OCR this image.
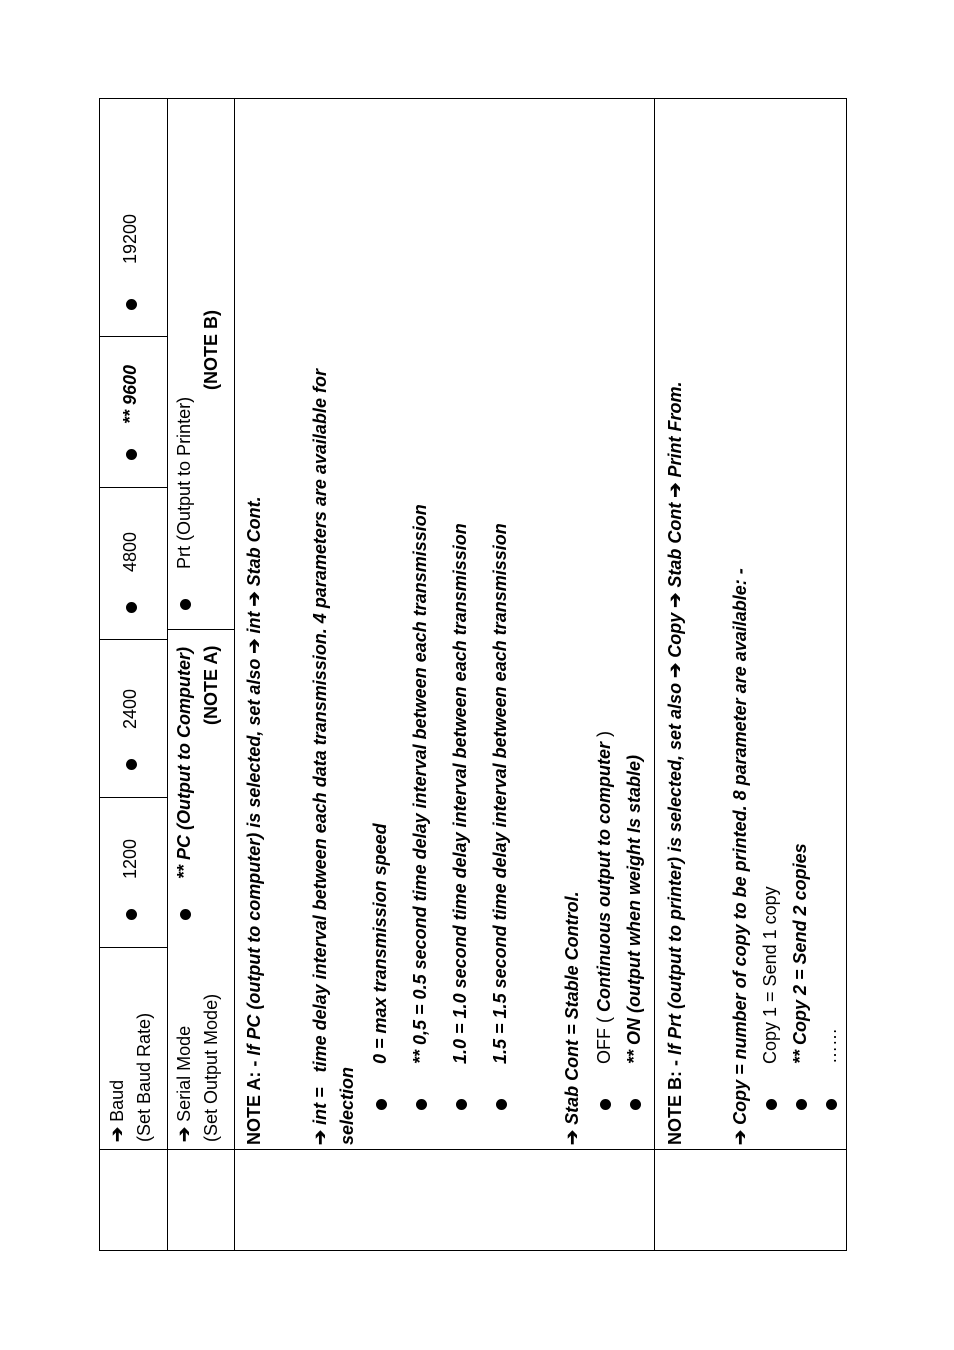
➔ Baud (Set Baud Rate)
1200
2400
4800
** 9600
19200
➔ Serial Mode (Set Output Mode)
** PC (Output to Computer) (NOTE A)
Prt (Output to Printer)
(NOTE B)
NOTE A: - If PC (output to computer) is selected, set also ➔ int ➔ Stab Cont.
➔ int =   time delay interval between each data transmission. 4 parameters are available for
selection
0 = max transmission speed ** 0,5 = 0.5 second time delay interval between each transmission 1.0 = 1.0 second time delay interval between each transmission 1.5 = 1.5 second time delay interval between each transmission
➔ Stab Cont = Stable Control. OFF ( Continuous output to computer )
** ON (output when weight Is stable)
NOTE B: - If Prt (output to printer) is selected, set also ➔ Copy ➔ Stab Cont ➔ Print From.
➔ Copy = number of copy to be printed. 8 parameter are available: - Copy 1 = Send 1 copy ** Copy 2 = Send 2 copies ……
